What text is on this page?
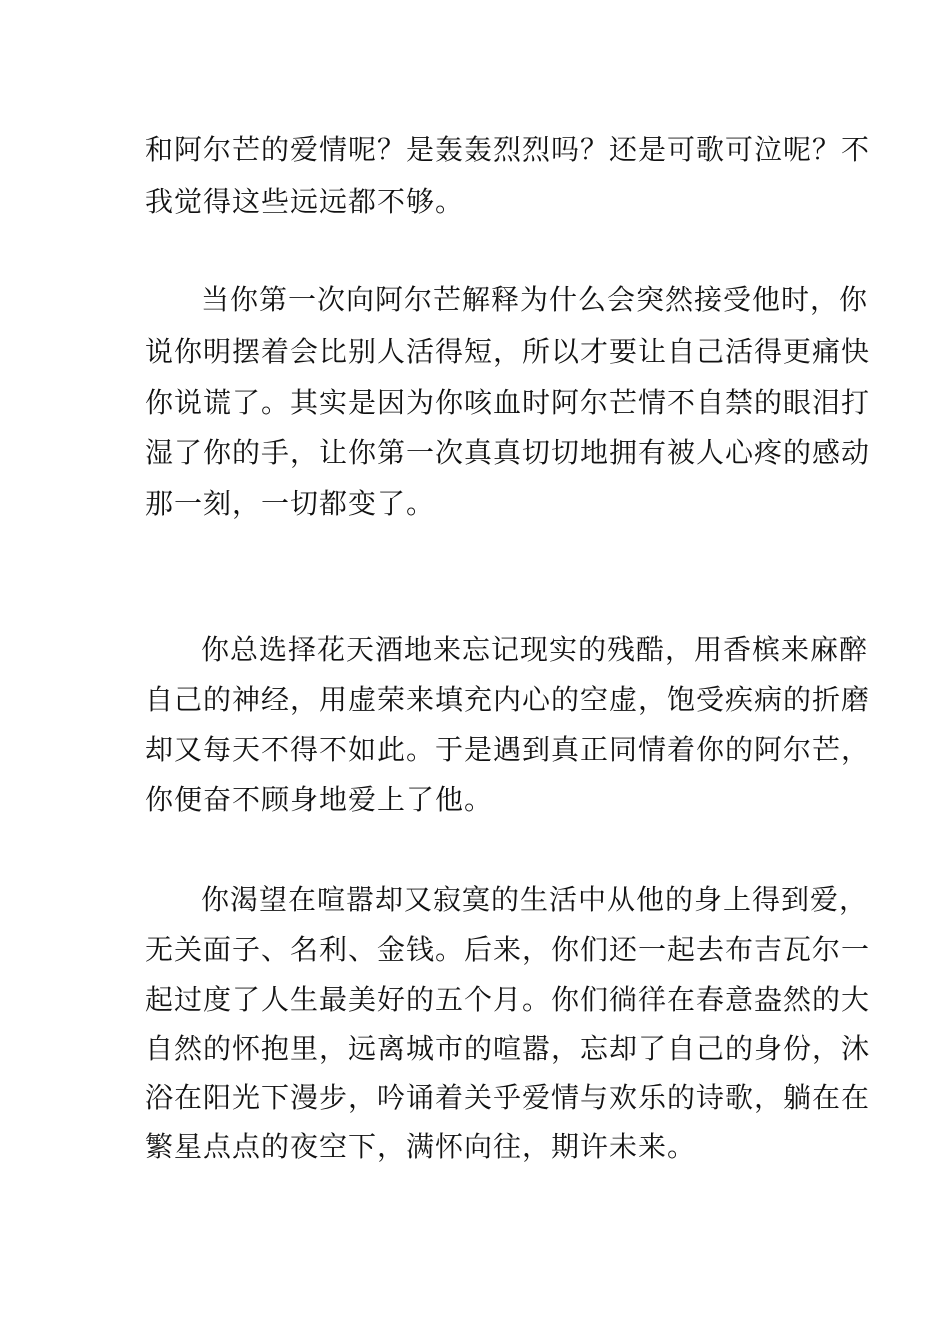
和阿尔芒的爱情呢？是轰轰烈烈吗？还是可歌可泣呢？不
我觉得这些远远都不够。
当你第一次向阿尔芒解释为什么会突然接受他时，你
说你明摆着会比别人活得短，所以才要让自己活得更痛快
你说谎了。其实是因为你咳血时阿尔芒情不自禁的眼泪打
湿了你的手，让你第一次真真切切地拥有被人心疼的感动
那一刻，一切都变了。
你总选择花天酒地来忘记现实的残酷，用香槟来麻醉
自己的神经，用虚荣来填充内心的空虚，饱受疾病的折磨
却又每天不得不如此。于是遇到真正同情着你的阿尔芒，
你便奋不顾身地爱上了他。
你渴望在喧嚣却又寂寞的生活中从他的身上得到爱，
无关面子、名利、金钱。后来，你们还一起去布吉瓦尔一
起过度了人生最美好的五个月。你们徜徉在春意盎然的大
自然的怀抱里，远离城市的喧嚣，忘却了自己的身份，沐
浴在阳光下漫步，吟诵着关乎爱情与欢乐的诗歌，躺在在
繁星点点的夜空下，满怀向往，期许未来。
